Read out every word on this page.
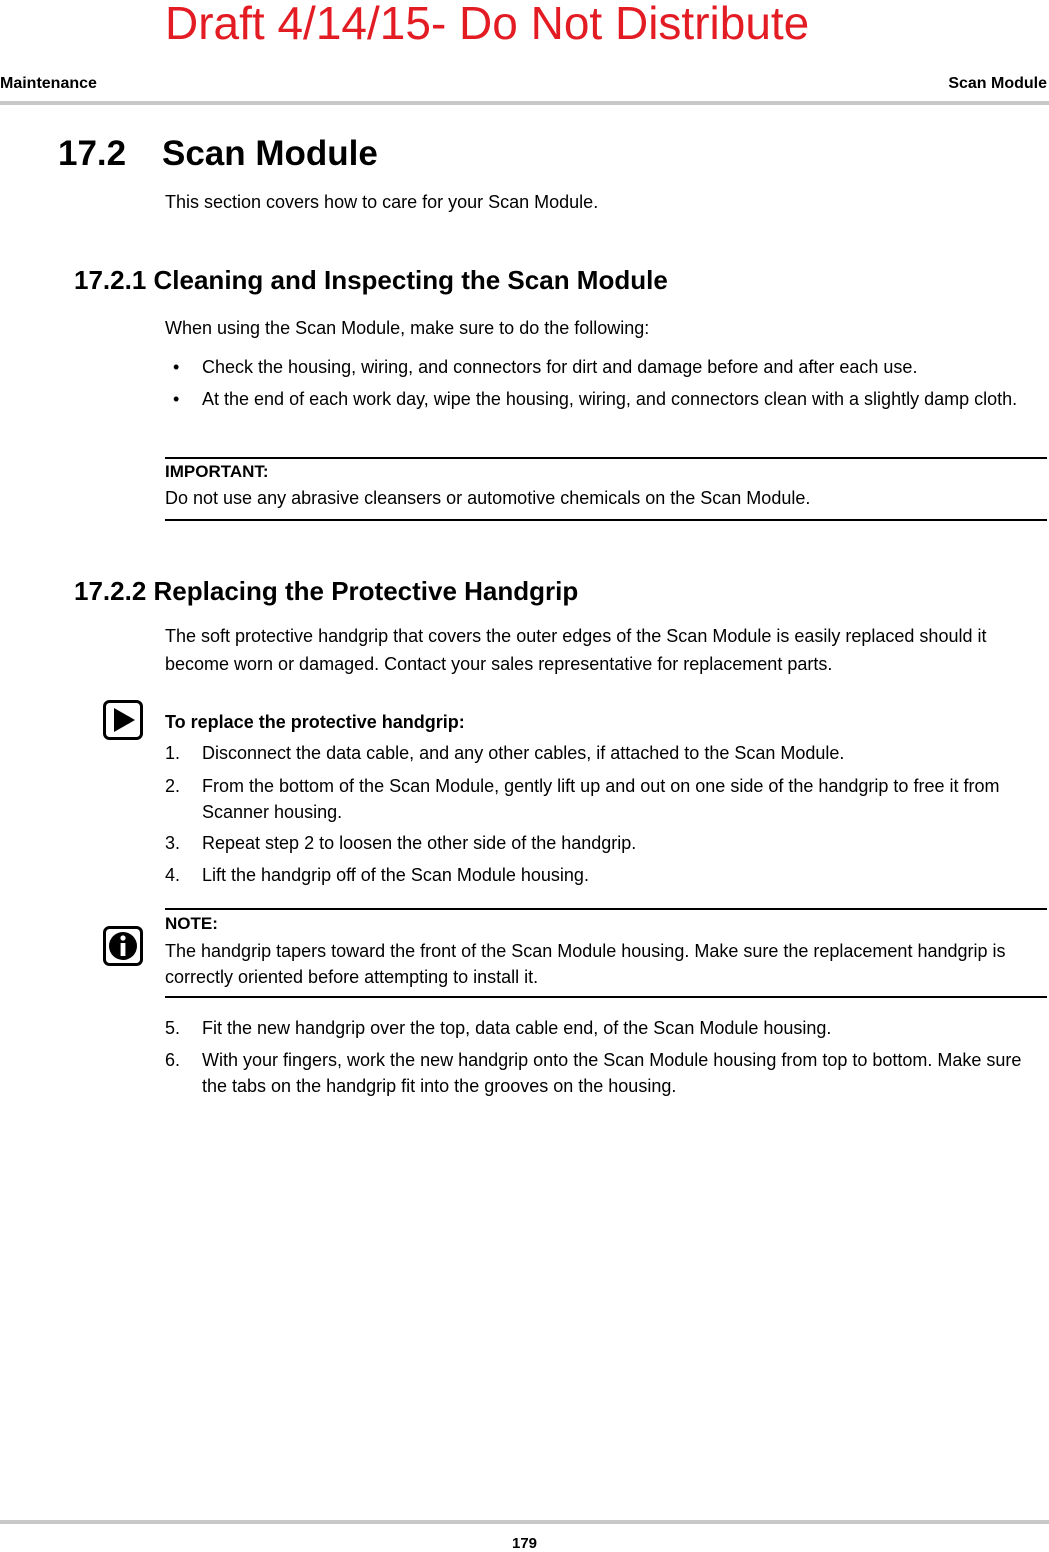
Draft 4/14/15- Do Not Distribute
Maintenance	Scan Module
17.2 Scan Module
This section covers how to care for your Scan Module.
17.2.1 Cleaning and Inspecting the Scan Module
When using the Scan Module, make sure to do the following:
• Check the housing, wiring, and connectors for dirt and damage before and after each use.
• At the end of each work day, wipe the housing, wiring, and connectors clean with a slightly damp cloth.
IMPORTANT:
Do not use any abrasive cleansers or automotive chemicals on the Scan Module.
17.2.2 Replacing the Protective Handgrip
The soft protective handgrip that covers the outer edges of the Scan Module is easily replaced should it become worn or damaged. Contact your sales representative for replacement parts.
To replace the protective handgrip:
1. Disconnect the data cable, and any other cables, if attached to the Scan Module.
2. From the bottom of the Scan Module, gently lift up and out on one side of the handgrip to free it from Scanner housing.
3. Repeat step 2 to loosen the other side of the handgrip.
4. Lift the handgrip off of the Scan Module housing.
NOTE:
The handgrip tapers toward the front of the Scan Module housing. Make sure the replacement handgrip is correctly oriented before attempting to install it.
5. Fit the new handgrip over the top, data cable end, of the Scan Module housing.
6. With your fingers, work the new handgrip onto the Scan Module housing from top to bottom. Make sure the tabs on the handgrip fit into the grooves on the housing.
179
